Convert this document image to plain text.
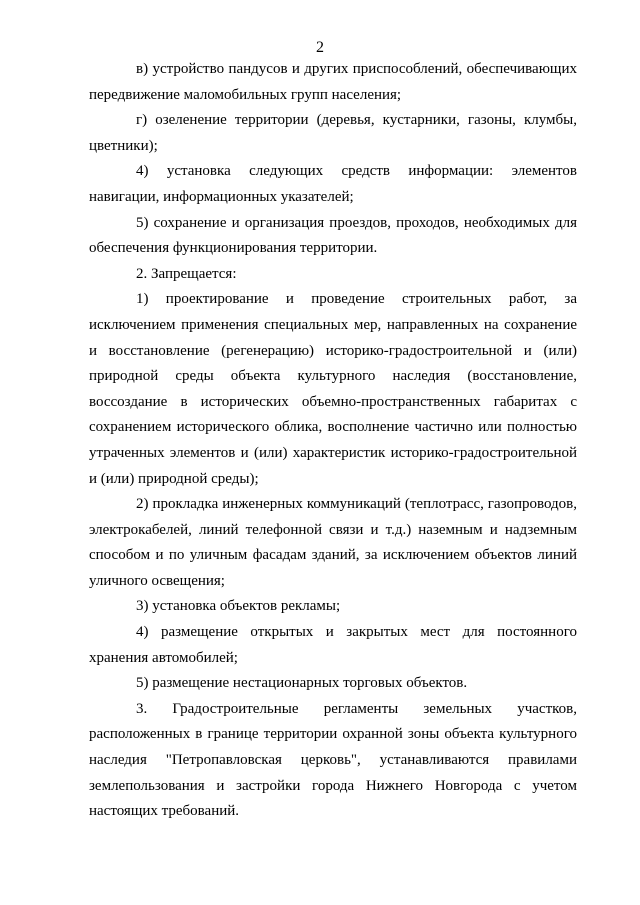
2

в) устройство пандусов и других приспособлений, обеспечивающих передвижение маломобильных групп населения;

г) озеленение территории (деревья, кустарники, газоны, клумбы, цветники);

4) установка следующих средств информации: элементов навигации, информационных указателей;

5) сохранение и организация проездов, проходов, необходимых для обеспечения функционирования территории.

2. Запрещается:

1) проектирование и проведение строительных работ, за исключением применения специальных мер, направленных на сохранение и восстановление (регенерацию) историко-градостроительной и (или) природной среды объекта культурного наследия (восстановление, воссоздание в исторических объемно-пространственных габаритах с сохранением исторического облика, восполнение частично или полностью утраченных элементов и (или) характеристик историко-градостроительной и (или) природной среды);

2) прокладка инженерных коммуникаций (теплотрасс, газопроводов, электрокабелей, линий телефонной связи и т.д.) наземным и надземным способом и по уличным фасадам зданий, за исключением объектов линий уличного освещения;

3) установка объектов рекламы;

4) размещение открытых и закрытых мест для постоянного хранения автомобилей;

5) размещение нестационарных торговых объектов.

3. Градостроительные регламенты земельных участков, расположенных в границе территории охранной зоны объекта культурного наследия "Петропавловская церковь", устанавливаются правилами землепользования и застройки города Нижнего Новгорода с учетом настоящих требований.
